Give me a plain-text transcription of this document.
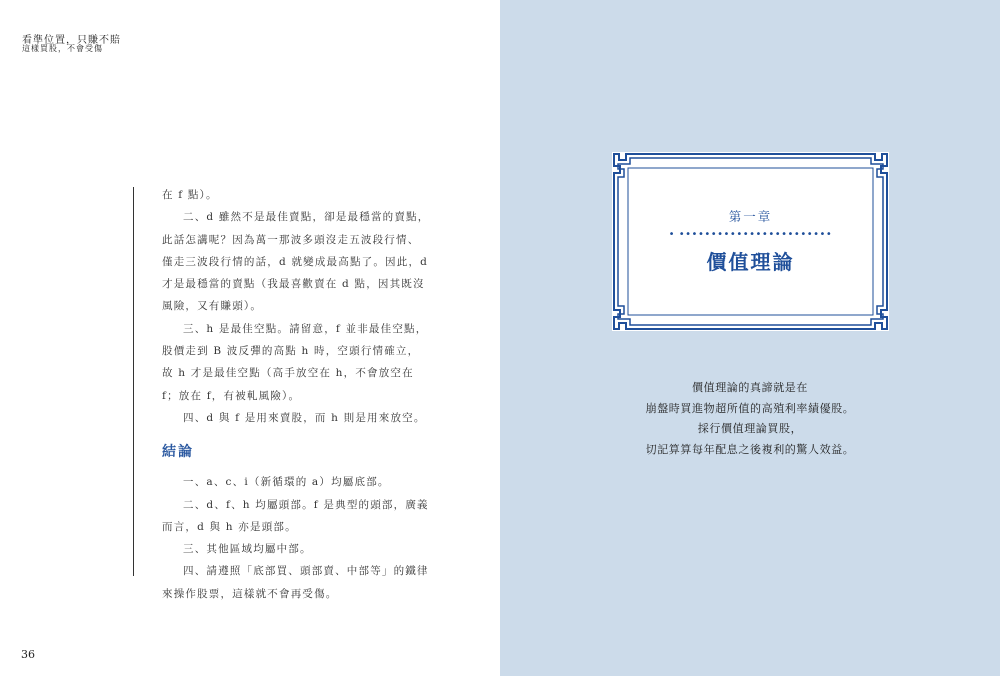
看準位置，只賺不賠
這樣買股，不會受傷

在 f 點）。

二、d 雖然不是最佳賣點，卻是最穩當的賣點，此話怎講呢？因為萬一那波多頭沒走五波段行情、僅走三波段行情的話，d 就變成最高點了。因此，d 才是最穩當的賣點（我最喜歡賣在 d 點，因其既沒風險，又有賺頭）。

三、h 是最佳空點。請留意，f 並非最佳空點，股價走到 B 波反彈的高點 h 時，空頭行情確立，故 h 才是最佳空點（高手放空在 h，不會放空在 f；放在 f，有被軋風險）。

四、d 與 f 是用來賣股，而 h 則是用來放空。

結論

一、a、c、i（新循環的 a）均屬底部。

二、d、f、h 均屬頭部。f 是典型的頭部，廣義而言，d 與 h 亦是頭部。

三、其他區域均屬中部。

四、請遵照「底部買、頭部賣、中部等」的鐵律來操作股票，這樣就不會再受傷。

36
第一章
• ••••••••••••••••••••••••
價值理論
價值理論的真諦就是在
崩盤時買進物超所值的高殖利率績優股。
採行價值理論買股，
切記算算每年配息之後複利的驚人效益。
